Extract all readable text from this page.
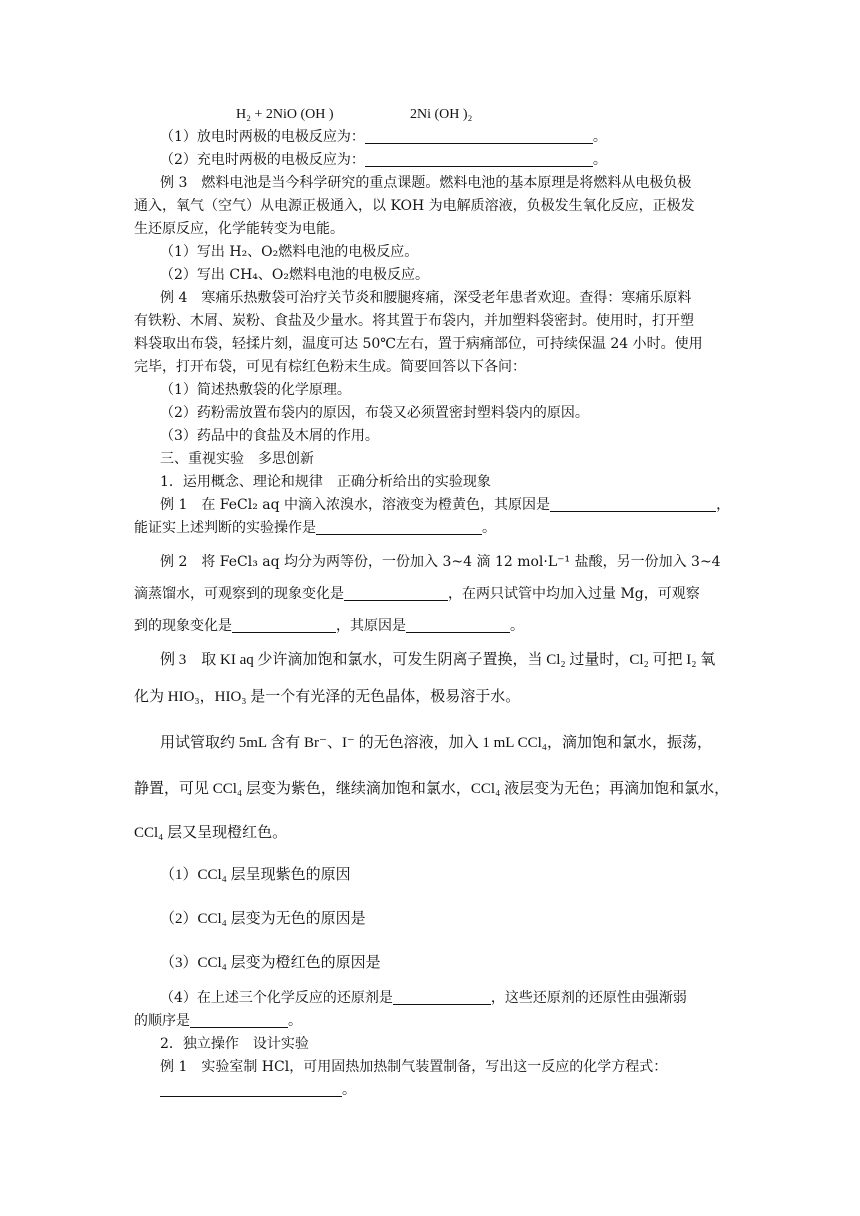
H₂ + 2NiO (OH )	2Ni (OH )₂
（1）放电时两极的电极反应为：	。
（2）充电时两极的电极反应为：	。
例 3　燃料电池是当今科学研究的重点课题。燃料电池的基本原理是将燃料从电极负极
通入，氧气（空气）从电源正极通入，以 KOH 为电解质溶液，负极发生氧化反应，正极发
生还原反应，化学能转变为电能。
（1）写出 H₂、O₂燃料电池的电极反应。
（2）写出 CH₄、O₂燃料电池的电极反应。
例 4　寒痛乐热敷袋可治疗关节炎和腰腿疼痛，深受老年患者欢迎。查得：寒痛乐原料
有铁粉、木屑、炭粉、食盐及少量水。将其置于布袋内，并加塑料袋密封。使用时，打开塑
料袋取出布袋，轻揉片刻，温度可达 50℃左右，置于病痛部位，可持续保温 24 小时。使用
完毕，打开布袋，可见有棕红色粉末生成。简要回答以下各问：
（1）简述热敷袋的化学原理。
（2）药粉需放置布袋内的原因，布袋又必须置密封塑料袋内的原因。
（3）药品中的食盐及木屑的作用。
三、重视实验　多思创新
1．运用概念、理论和规律　正确分析给出的实验现象
例 1　在 FeCl₂ aq 中滴入浓溴水，溶液变为橙黄色，其原因是	，
能证实上述判断的实验操作是	。
例 2　将 FeCl₃ aq 均分为两等份，一份加入 3~4 滴 12 mol·L⁻¹ 盐酸，另一份加入 3~4
滴蒸馏水，可观察到的现象变化是	，在两只试管中均加入过量 Mg，可观察
到的现象变化是	，其原因是	。
例 3　取 KI aq 少许滴加饱和氯水，可发生阴离子置换，当 Cl₂ 过量时，Cl₂ 可把 I₂ 氧
化为 HIO₃，HIO₃ 是一个有光泽的无色晶体，极易溶于水。
用试管取约 5mL 含有 Br⁻、I⁻ 的无色溶液，加入 1 mL CCl₄，滴加饱和氯水，振荡，
静置，可见 CCl₄ 层变为紫色，继续滴加饱和氯水，CCl₄ 液层变为无色；再滴加饱和氯水，
CCl₄ 层又呈现橙红色。
（1）CCl₄ 层呈现紫色的原因
（2）CCl₄ 层变为无色的原因是
（3）CCl₄ 层变为橙红色的原因是
（4）在上述三个化学反应的还原剂是	，这些还原剂的还原性由强渐弱
的顺序是	。
2．独立操作　设计实验
例 1　实验室制 HCl，可用固热加热制气装置制备，写出这一反应的化学方程式：
。
